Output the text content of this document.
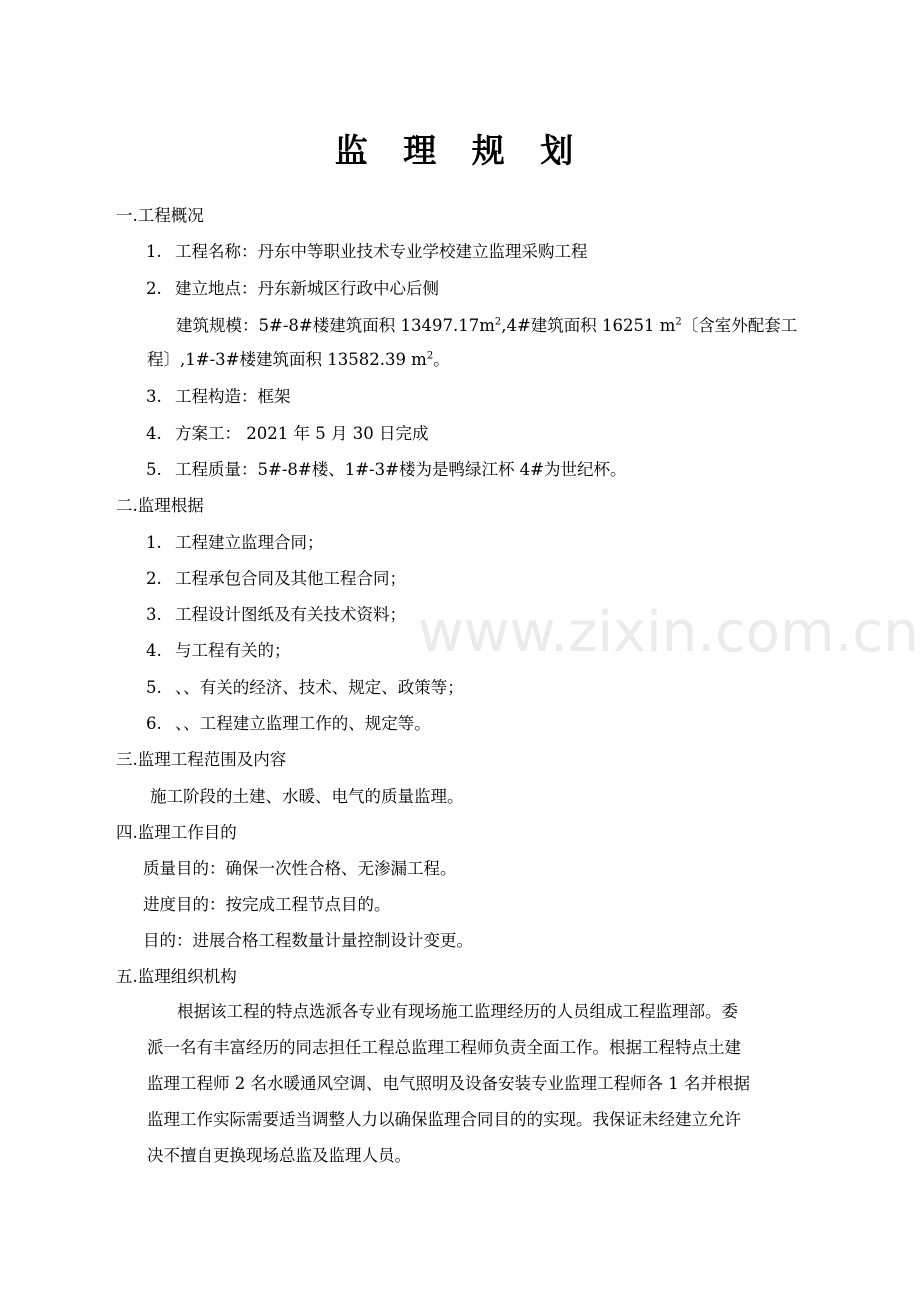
www.zixin.com.cn
监 理 规 划
一.工程概况
1. 工程名称：丹东中等职业技术专业学校建立监理采购工程
2. 建立地点：丹东新城区行政中心后侧
建筑规模：5#-8#楼建筑面积 $13497.17m^2,4\#$建筑面积 16251 $m^2$〔含室外配套工
程〕,1#-3#楼建筑面积 13582.39 $m^2$。
3. 工程构造：框架
4. 方案工： 2021 年 5 月 30 日完成
5. 工程质量：5#-8#楼、1#-3#楼为是鸭绿江杯 4#为世纪杯。
二.监理根据
1. 工程建立监理合同；
2. 工程承包合同及其他工程合同；
3. 工程设计图纸及有关技术资料；
4. 与工程有关的；
5. 、、有关的经济、技术、规定、政策等；
6. 、、工程建立监理工作的、规定等。
三.监理工程范围及内容
施工阶段的土建、水暖、电气的质量监理。
四.监理工作目的
质量目的：确保一次性合格、无渗漏工程。
进度目的：按完成工程节点目的。
目的：进展合格工程数量计量控制设计变更。
五.监理组织机构
根据该工程的特点选派各专业有现场施工监理经历的人员组成工程监理部。委
派一名有丰富经历的同志担任工程总监理工程师负责全面工作。根据工程特点土建
监理工程师 2 名水暖通风空调、电气照明及设备安装专业监理工程师各 1 名并根据
监理工作实际需要适当调整人力以确保监理合同目的的实现。我保证未经建立允许
决不擅自更换现场总监及监理人员。
